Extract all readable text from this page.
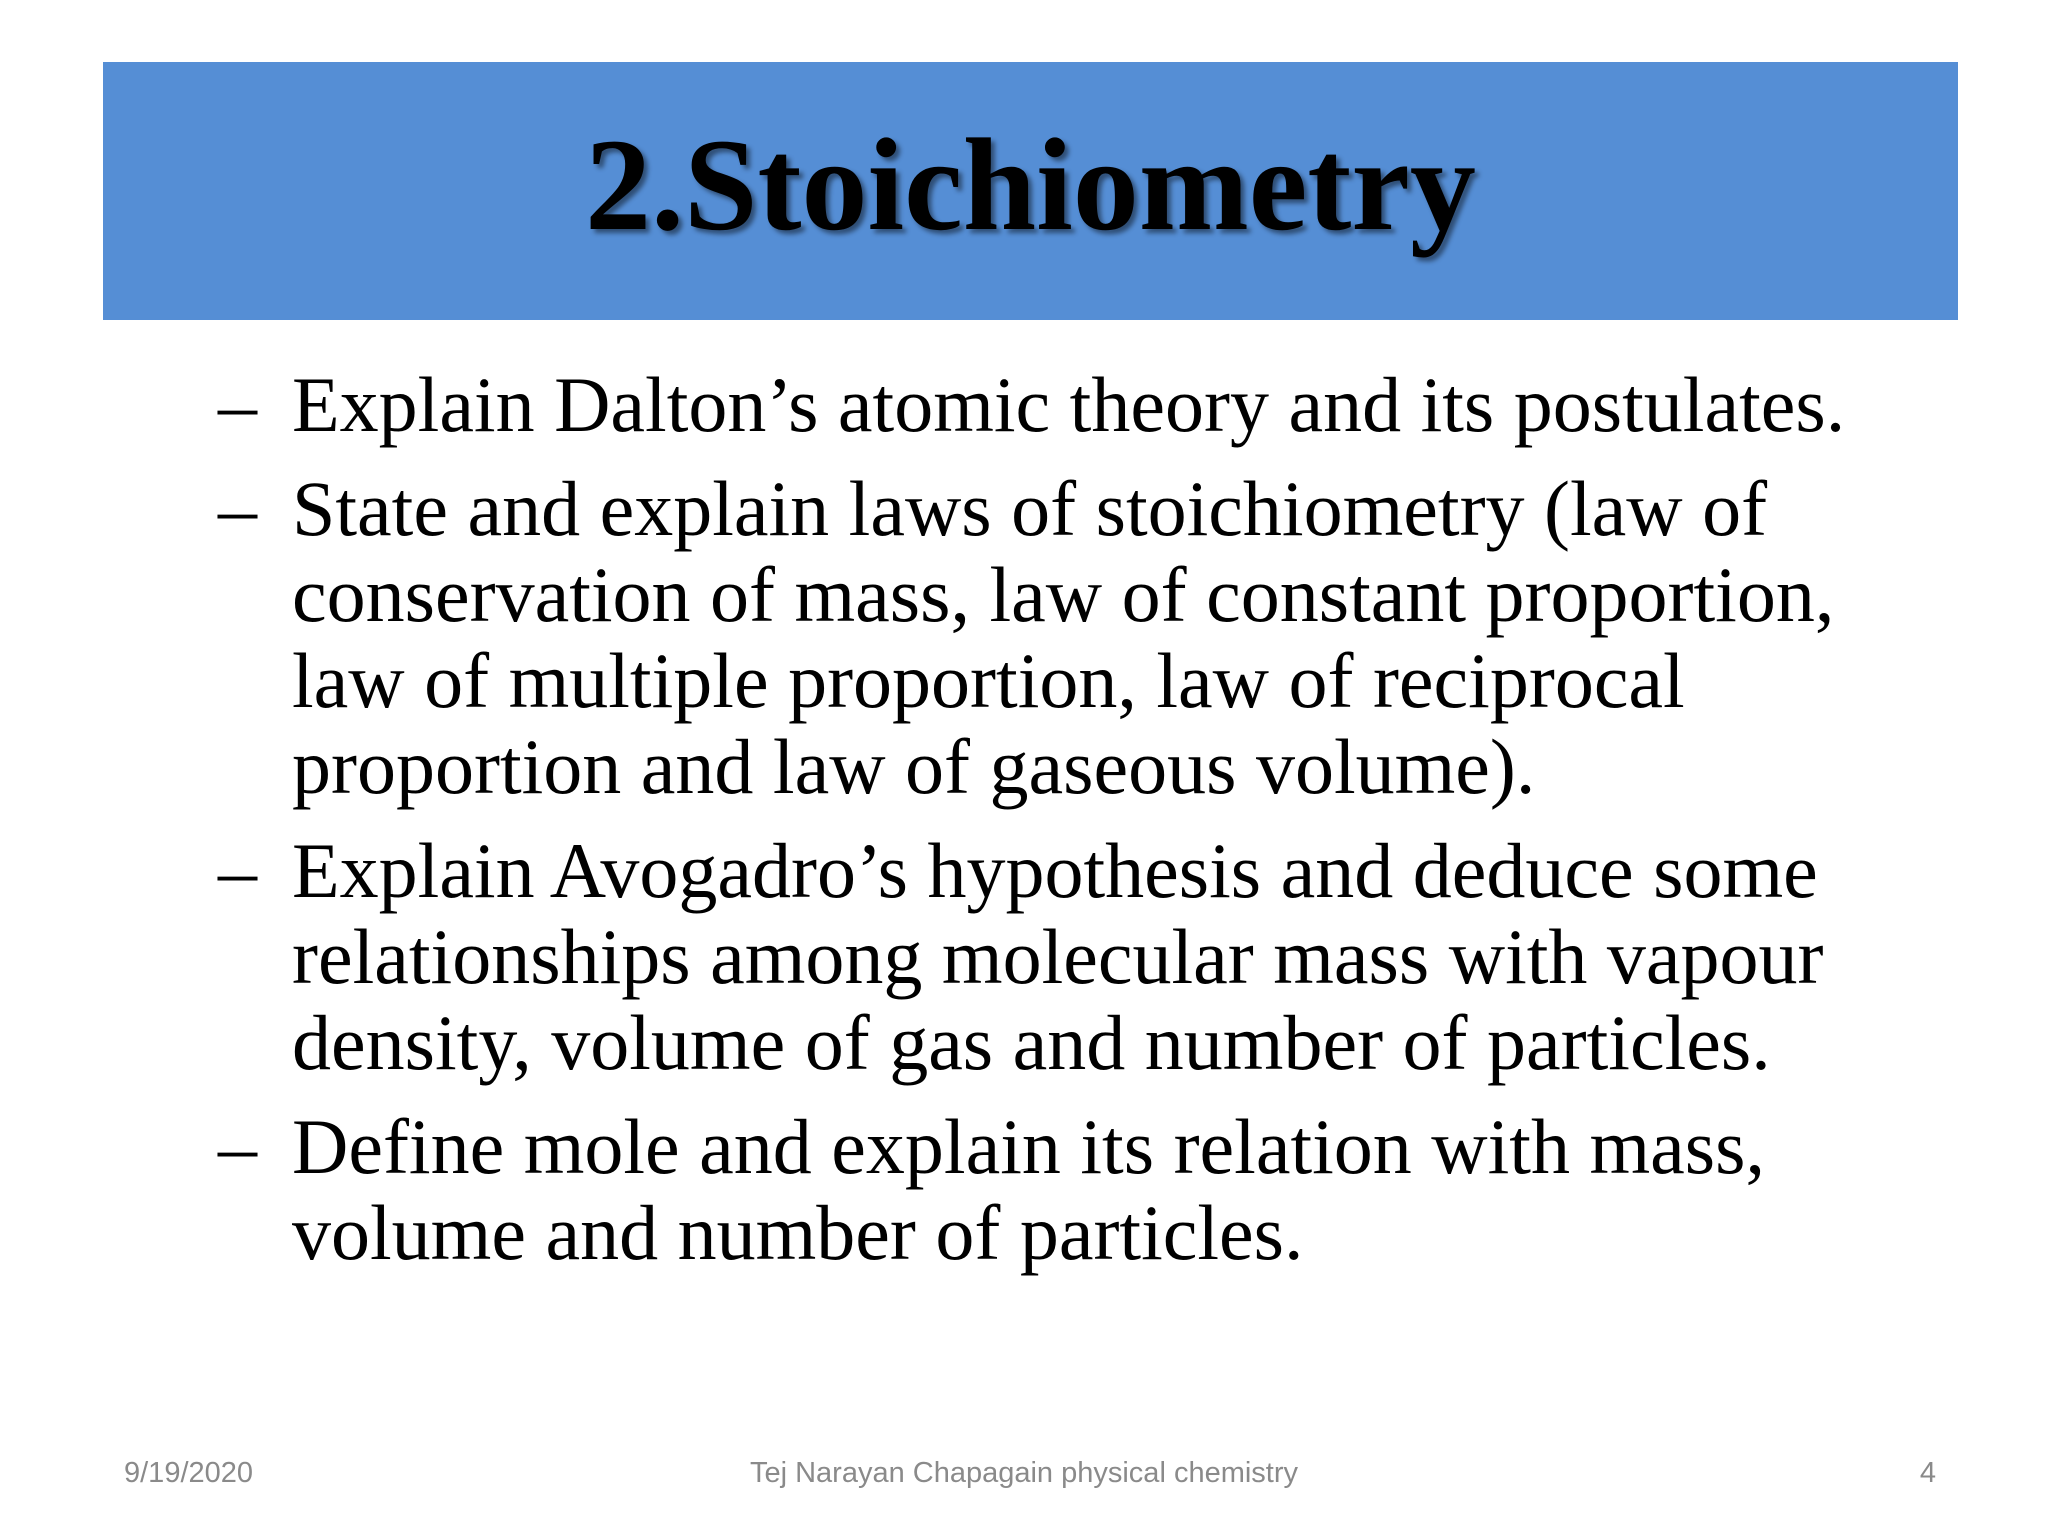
2.Stoichiometry
– Explain Dalton’s atomic theory and its postulates.
– State and explain laws of stoichiometry (law of conservation of mass, law of constant proportion, law of multiple proportion, law of reciprocal proportion and law of gaseous volume).
– Explain Avogadro’s hypothesis and deduce some relationships among molecular mass with vapour density, volume of gas and number of particles.
– Define mole and explain its relation with mass, volume and number of particles.
9/19/2020	Tej Narayan Chapagain physical chemistry	4
